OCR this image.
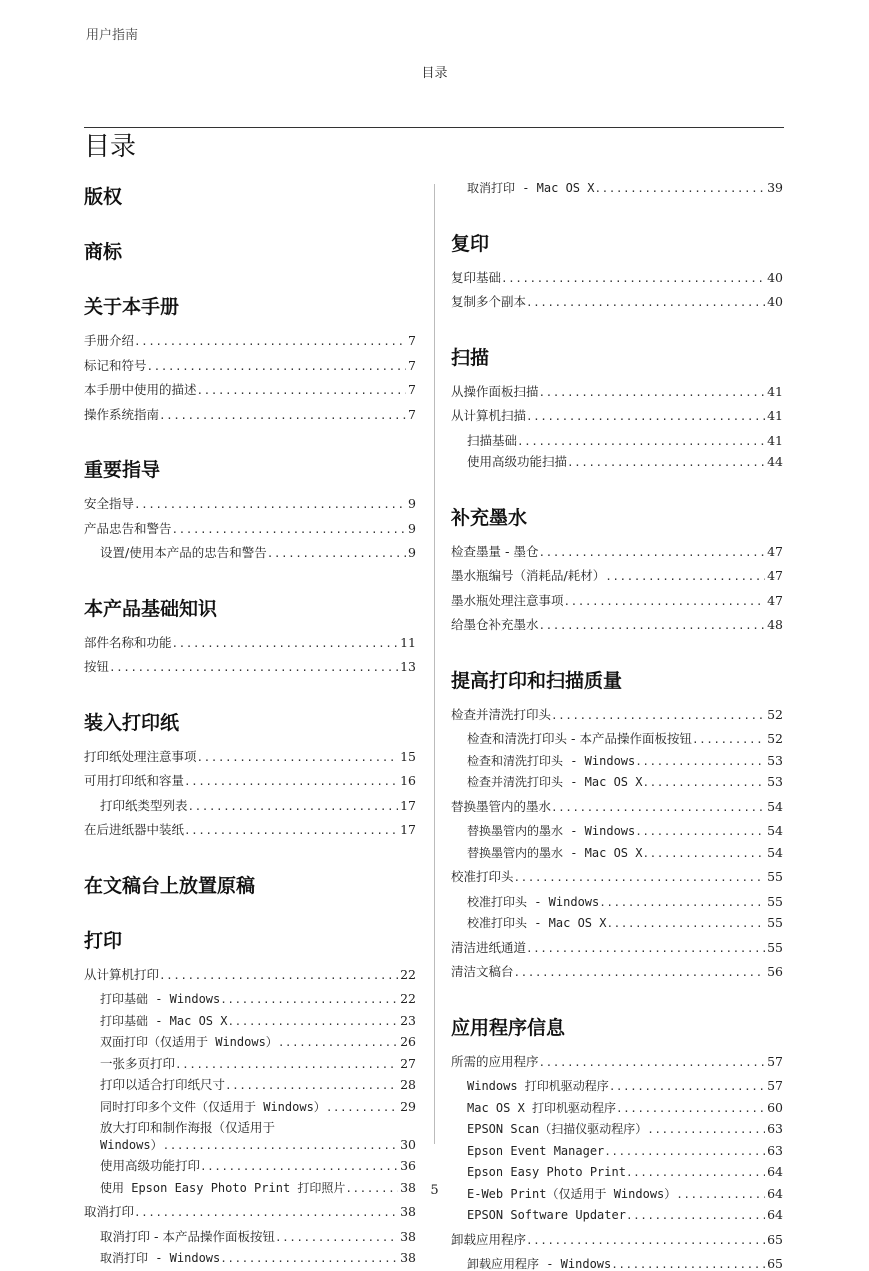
用户指南
目录
目录
版权
商标
关于本手册
手册介绍 .....	7
标记和符号 .....	7
本手册中使用的描述 .....	7
操作系统指南 .....	7
重要指导
安全指导 .....	9
产品忠告和警告 .....	9
设置/使用本产品的忠告和警告 .....	9
本产品基础知识
部件名称和功能 .....	11
按钮 .....	13
装入打印纸
打印纸处理注意事项 .....	15
可用打印纸和容量 .....	16
打印纸类型列表 .....	17
在后进纸器中装纸 .....	17
在文稿台上放置原稿
打印
从计算机打印 .....	22
打印基础 - Windows .....	22
打印基础 - Mac OS X .....	23
双面打印（仅适用于 Windows） .....	26
一张多页打印 .....	27
打印以适合打印纸尺寸 .....	28
同时打印多个文件（仅适用于 Windows） .....	29
放大打印和制作海报（仅适用于
Windows） .....	30
使用高级功能打印 .....	36
使用 Epson Easy Photo Print 打印照片 .....	38
取消打印 .....	38
取消打印 - 本产品操作面板按钮 .....	38
取消打印 - Windows .....	38
取消打印 - Mac OS X .....	39
复印
复印基础 .....	40
复制多个副本 .....	40
扫描
从操作面板扫描 .....	41
从计算机扫描 .....	41
扫描基础 .....	41
使用高级功能扫描 .....	44
补充墨水
检查墨量 - 墨仓 .....	47
墨水瓶编号（消耗品/耗材） .....	47
墨水瓶处理注意事项 .....	47
给墨仓补充墨水 .....	48
提高打印和扫描质量
检查并清洗打印头 .....	52
检查和清洗打印头 - 本产品操作面板按钮 .....	52
检查和清洗打印头 - Windows .....	53
检查并清洗打印头 - Mac OS X .....	53
替换墨管内的墨水 .....	54
替换墨管内的墨水 - Windows .....	54
替换墨管内的墨水 - Mac OS X .....	54
校准打印头 .....	55
校准打印头 - Windows .....	55
校准打印头 - Mac OS X .....	55
清洁进纸通道 .....	55
清洁文稿台 .....	56
应用程序信息
所需的应用程序 .....	57
Windows 打印机驱动程序 .....	57
Mac OS X 打印机驱动程序 .....	60
EPSON Scan（扫描仪驱动程序） .....	63
Epson Event Manager .....	63
Epson Easy Photo Print .....	64
E-Web Print（仅适用于 Windows） .....	64
EPSON Software Updater .....	64
卸载应用程序 .....	65
卸载应用程序 - Windows .....	65
5
